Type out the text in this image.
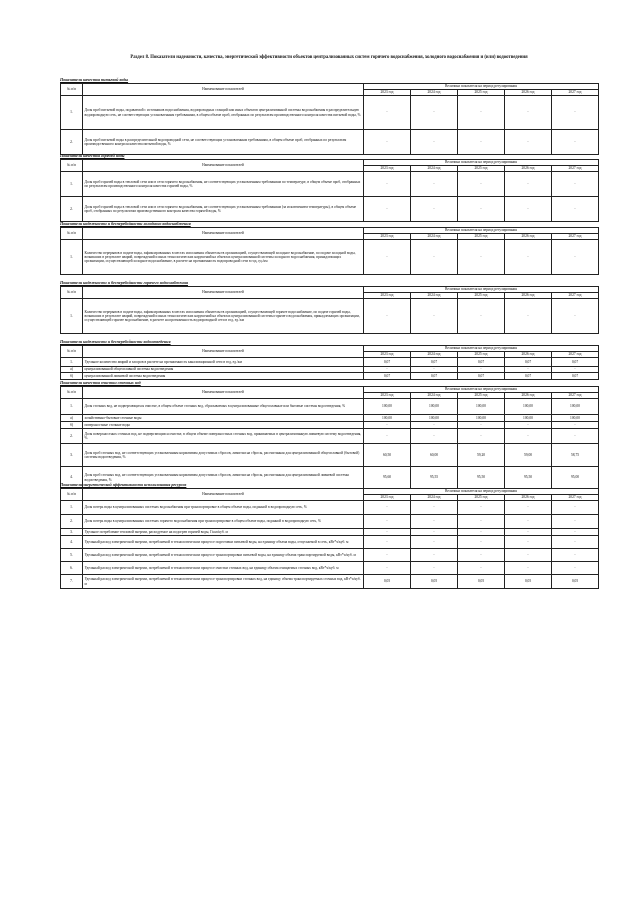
Раздел 8. Показатели надежности, качества, энергетической эффективности объектов централизованных систем горячего водоснабжения, холодного водоснабжения и (или) водоотведения
Показатели качества питьевой воды
№ п/п	Наименование показателей	Величина показателя на период регулирования				
		2023 год	2024 год	2025 год	2026 год	2027 год
1.	Доля проб питьевой воды, подаваемой с источников водоснабжения, водопроводных станций или иных объектов централизованной системы водоснабжения в распределительную водопроводную сеть, не соответствующих установленным требованиям, в общем объеме проб, отобранных по результатам производственного контроля качества питьевой воды, %	-	-	-	-	-
2.	Доля проб питьевой воды в распределительной водопроводной сети, не соответствующих установленным требованиям, в общем объеме проб, отобранных по результатам производственного контроля качества питьевой воды, %	-	-	-	-	-
Показатели качества горячей воды
№ п/п	Наименование показателей	Величина показателя на период регулирования				
		2023 год	2024 год	2025 год	2026 год	2027 год
1.	Доля проб горячей воды в тепловой сети или в сети горячего водоснабжения, не соответствующих установленным требованиям по температуре, в общем объеме проб, отобранных по результатам производственного контроля качества горячей воды, %	-	-	-	-	-
2.	Доля проб горячей воды в тепловой сети или в сети горячего водоснабжения, не соответствующих установленным требованиям (за исключением температуры), в общем объеме проб, отобранных по результатам производственного контроля качества горячей воды, %	-	-	-	-	-
Показатели надежности и бесперебойности холодного водоснабжения
№ п/п	Наименование показателей	Величина показателя на период регулирования				
		2023 год	2024 год	2025 год	2026 год	2027 год
1.	Количество перерывов в подаче воды, зафиксированных в местах исполнения обязательств организацией, осуществляющей холодное водоснабжение, по подаче холодной воды, возникших в результате аварий, повреждений и иных технологических нарушений на объектах централизованной системы холодного водоснабжения, принадлежащих организации, осуществляющей холодное водоснабжение, в расчете на протяженность водопроводной сети в год, ед./км	-	-	-	-	-
Показатели надежности и бесперебойности горячего водоснабжения
№ п/п	Наименование показателей	Величина показателя на период регулирования				
		2023 год	2024 год	2025 год	2026 год	2027 год
1.	Количество перерывов в подаче воды, зафиксированных в местах исполнения обязательств организацией, осуществляющей горячее водоснабжение, по подаче горячей воды, возникших в результате аварий, повреждений и иных технологических нарушений на объектах централизованной системы горячего водоснабжения, принадлежащих организации, осуществляющей горячее водоснабжение, в расчете на протяженность водопроводной сети в год, ед./км	-	-	-	-	-
Показатели надежности и бесперебойности водоотведения
№ п/п	Наименование показателей	Величина показателя на период регулирования				
		2023 год	2024 год	2025 год	2026 год	2027 год
1.	Удельное количество аварий и засоров в расчете на протяженность канализационной сети в год, ед./км	0,07	0,07	0,07	0,07	0,07
а)	централизованной общесплавной системы водоотведения	-	-	-	-	-
б)	централизованной ливневой системы водоотведения	0,07	0,07	0,07	0,07	0,07
Показатели качества очистки сточных вод
№ п/п	Наименование показателей	Величина показателя на период регулирования				
		2023 год	2024 год	2025 год	2026 год	2027 год
1.	Доля сточных вод, не подвергающихся очистке, в общем объеме сточных вод, сбрасываемых в централизованные общесплавные или бытовые системы водоотведения, %	100,00	100,00	100,00	100,00	100,00
а)	хозяйственно-бытовые сточные воды	100,00	100,00	100,00	100,00	100,00
б)	поверхностные сточные воды	-	-	-	-	-
2.	Доля поверхностных сточных вод, не подвергающихся очистке, в общем объеме поверхностных сточных вод, принимаемых в централизованную ливневую систему водоотведения, %	-	-	-	-	-
3.	Доля проб сточных вод, не соответствующих установленным нормативам допустимых сбросов, лимитам на сбросы, рассчитанная для централизованной общесплавной (бытовой) системы водоотведения, %	60,50	60,00	59,20	59,00	58,75
4.	Доля проб сточных вод, не соответствующих установленным нормативам допустимых сбросов, лимитам на сбросы, рассчитанная для централизованной ливневой системы водоотведения, %	95,60	95,55	95,50	95,50	95,00
Показатели энергетической эффективности использования ресурсов
№ п/п	Наименование показателей	Величина показателя на период регулирования				
		2023 год	2024 год	2025 год	2026 год	2027 год
1.	Доля потерь воды в централизованных системах водоснабжения при транспортировке в общем объеме воды, поданной в водопроводную сеть, %	-	-	-	-	-
2.	Доля потерь воды в централизованных системах горячего водоснабжения при транспортировке в общем объеме воды, поданной в водопроводную сеть, %	-	-	-	-	-
3.	Удельное потребление тепловой энергии, расходуемое на подогрев горячей воды, Гкал/куб. м	-	-	-	-	-
4.	Удельный расход электрической энергии, потребляемой в технологическом процессе подготовки питьевой воды, на единицу объема воды, отпускаемой в сеть, кВт*ч/куб. м	-	-	-	-	-
5.	Удельный расход электрической энергии, потребляемой в технологическом процессе транспортировки питьевой воды, на единицу объема транспортируемой воды, кВт*ч/куб. м	-	-	-	-	-
6.	Удельный расход электрической энергии, потребляемой в технологическом процессе очистки сточных вод, на единицу объема очищаемых сточных вод, кВт*ч/куб. м	-	-	-	-	-
7.	Удельный расход электрической энергии, потребляемой в технологическом процессе транспортировки сточных вод, на единицу объема транспортируемых сточных вод, кВт*ч/куб. м	0,05	0,05	0,05	0,05	0,05
